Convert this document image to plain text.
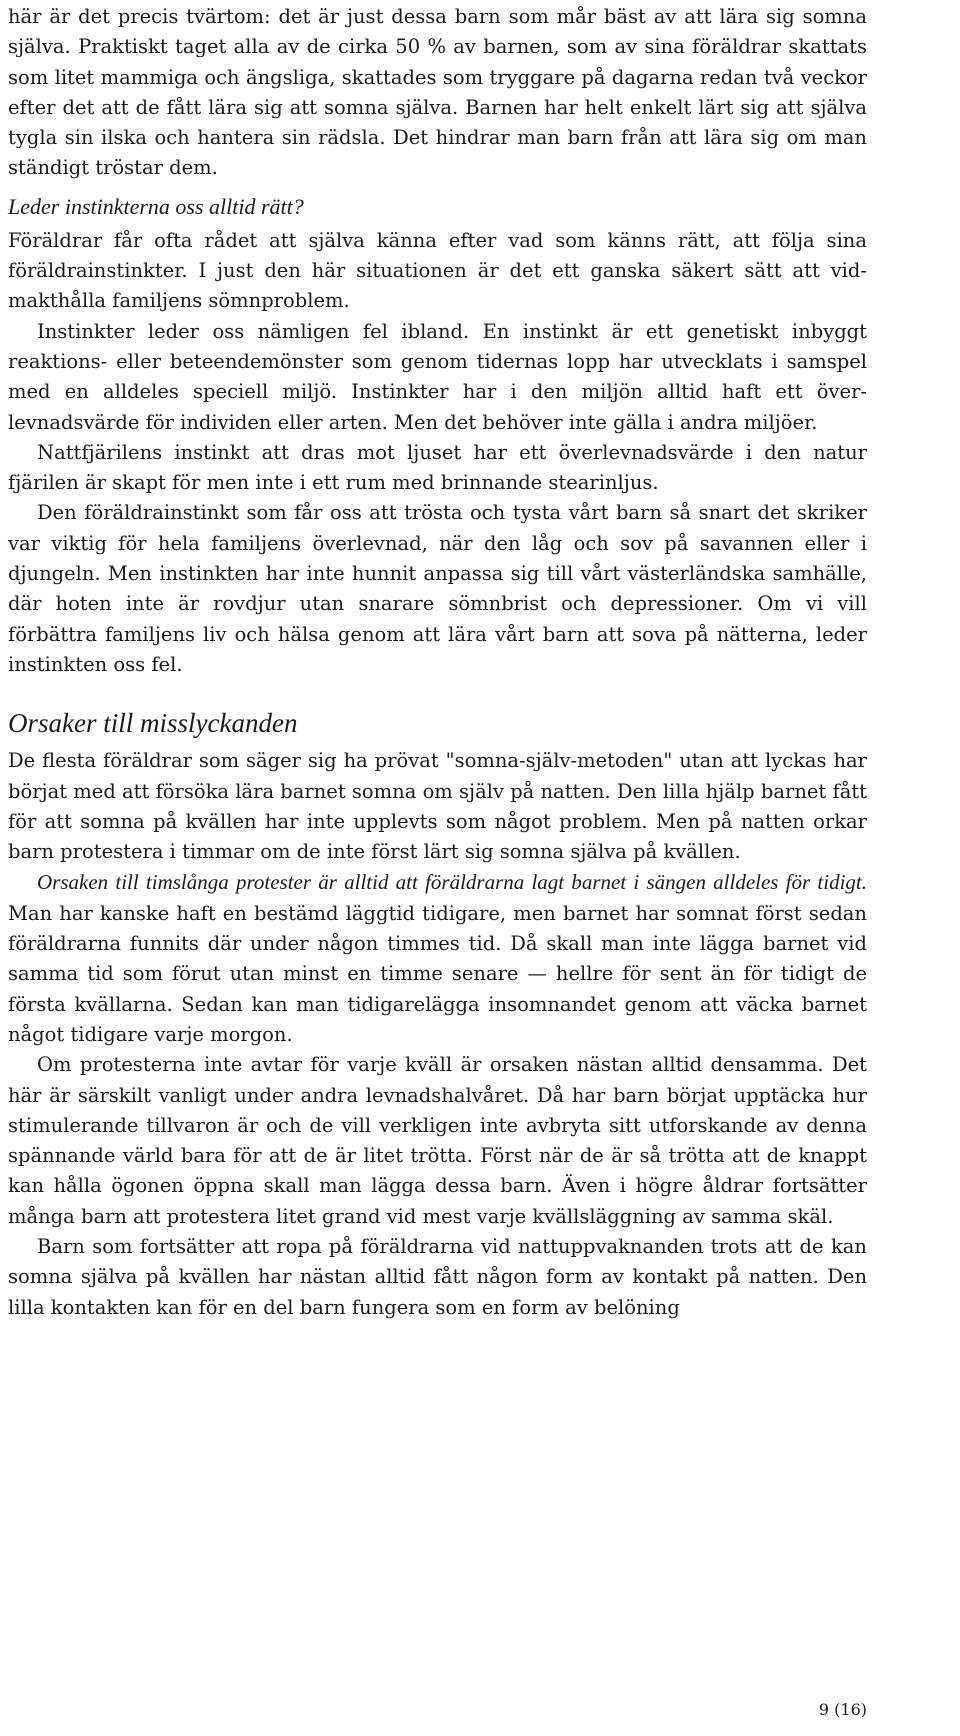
här är det precis tvärtom: det är just dessa barn som mår bäst av att lära sig somna själva. Praktiskt taget alla av de cirka 50 % av barnen, som av sina föräldrar skattats som litet mammiga och ängsliga, skattades som tryggare på dagarna redan två veckor efter det att de fått lära sig att somna själva. Barnen har helt enkelt lärt sig att själva tygla sin ilska och hantera sin rädsla. Det hindrar man barn från att lära sig om man ständigt tröstar dem.

Leder instinkterna oss alltid rätt?

Föräldrar får ofta rådet att själva känna efter vad som känns rätt, att följa sina föräldrainstinkter. I just den här situationen är det ett ganska säkert sätt att vidmakthålla familjens sömnproblem.

Instinkter leder oss nämligen fel ibland. En instinkt är ett genetiskt inbyggt reaktions- eller beteendemönster som genom tidernas lopp har utvecklats i samspel med en alldeles speciell miljö. Instinkter har i den miljön alltid haft ett överlevnadsvärde för individen eller arten. Men det behöver inte gälla i andra miljöer.

Nattfjärilens instinkt att dras mot ljuset har ett överlevnadsvärde i den natur fjärilen är skapt för men inte i ett rum med brinnande stearinljus.

Den föräldrainstinkt som får oss att trösta och tysta vårt barn så snart det skriker var viktig för hela familjens överlevnad, när den låg och sov på savannen eller i djungeln. Men instinkten har inte hunnit anpassa sig till vårt västerländska samhälle, där hoten inte är rovdjur utan snarare sömnbrist och depressioner. Om vi vill förbättra familjens liv och hälsa genom att lära vårt barn att sova på nätterna, leder instinkten oss fel.

Orsaker till misslyckanden

De flesta föräldrar som säger sig ha prövat "somna-själv-metoden" utan att lyckas har börjat med att försöka lära barnet somna om själv på natten. Den lilla hjälp barnet fått för att somna på kvällen har inte upplevts som något problem. Men på natten orkar barn protestera i timmar om de inte först lärt sig somna själva på kvällen.

Orsaken till timslånga protester är alltid att föräldrarna lagt barnet i sängen alldeles för tidigt. Man har kanske haft en bestämd läggtid tidigare, men barnet har somnat först sedan föräldrarna funnits där under någon timmes tid. Då skall man inte lägga barnet vid samma tid som förut utan minst en timme senare — hellre för sent än för tidigt de första kvällarna. Sedan kan man tidigarelägga insomnandet genom att väcka barnet något tidigare varje morgon.

Om protesterna inte avtar för varje kväll är orsaken nästan alltid densamma. Det här är särskilt vanligt under andra levnadshalvåret. Då har barn börjat upptäcka hur stimulerande tillvaron är och de vill verkligen inte avbryta sitt utforskande av denna spännande värld bara för att de är litet trötta. Först när de är så trötta att de knappt kan hålla ögonen öppna skall man lägga dessa barn. Även i högre åldrar fortsätter många barn att protestera litet grand vid mest varje kvällsläggning av samma skäl.

Barn som fortsätter att ropa på föräldrarna vid nattuppvaknanden trots att de kan somna själva på kvällen har nästan alltid fått någon form av kontakt på natten. Den lilla kontakten kan för en del barn fungera som en form av belöning

9 (16)
